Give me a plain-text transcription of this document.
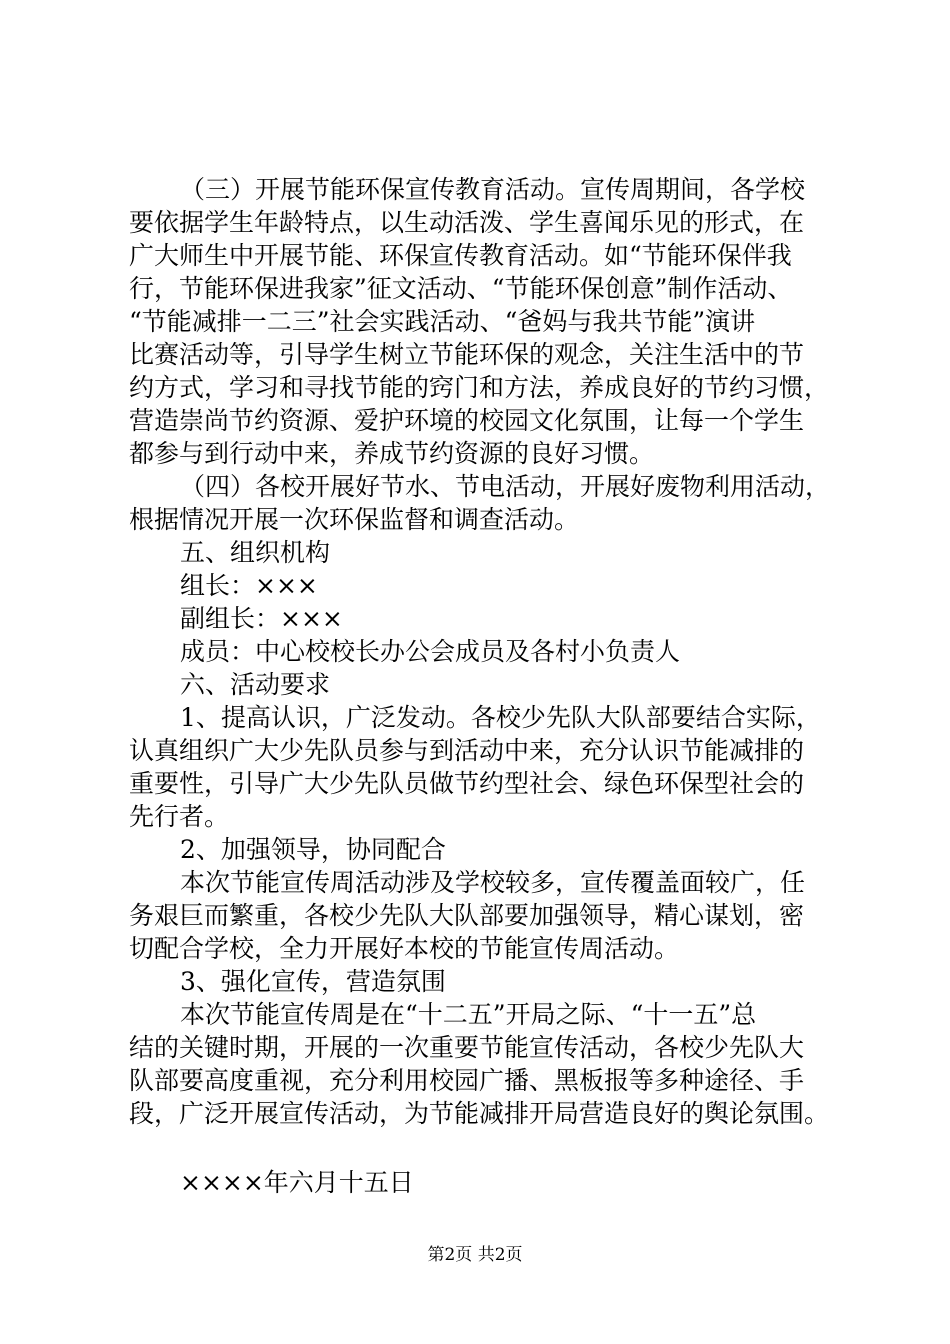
（三）开展节能环保宣传教育活动。宣传周期间，各学校
要依据学生年龄特点，以生动活泼、学生喜闻乐见的形式，在
广大师生中开展节能、环保宣传教育活动。如“节能环保伴我
行，节能环保进我家”征文活动、“节能环保创意”制作活动、
“节能减排一二三”社会实践活动、“爸妈与我共节能”演讲
比赛活动等，引导学生树立节能环保的观念，关注生活中的节
约方式，学习和寻找节能的窍门和方法，养成良好的节约习惯，
营造崇尚节约资源、爱护环境的校园文化氛围，让每一个学生
都参与到行动中来，养成节约资源的良好习惯。
（四）各校开展好节水、节电活动，开展好废物利用活动，
根据情况开展一次环保监督和调查活动。
五、组织机构
组长：×××
副组长：×××
成员：中心校校长办公会成员及各村小负责人
六、活动要求
1、提高认识，广泛发动。各校少先队大队部要结合实际，
认真组织广大少先队员参与到活动中来，充分认识节能减排的
重要性，引导广大少先队员做节约型社会、绿色环保型社会的
先行者。
2、加强领导，协同配合
本次节能宣传周活动涉及学校较多，宣传覆盖面较广，任
务艰巨而繁重，各校少先队大队部要加强领导，精心谋划，密
切配合学校，全力开展好本校的节能宣传周活动。
3、强化宣传，营造氛围
本次节能宣传周是在“十二五”开局之际、“十一五”总
结的关键时期，开展的一次重要节能宣传活动，各校少先队大
队部要高度重视，充分利用校园广播、黑板报等多种途径、手
段，广泛开展宣传活动，为节能减排开局营造良好的舆论氛围。
××××年六月十五日
第2页 共2页
